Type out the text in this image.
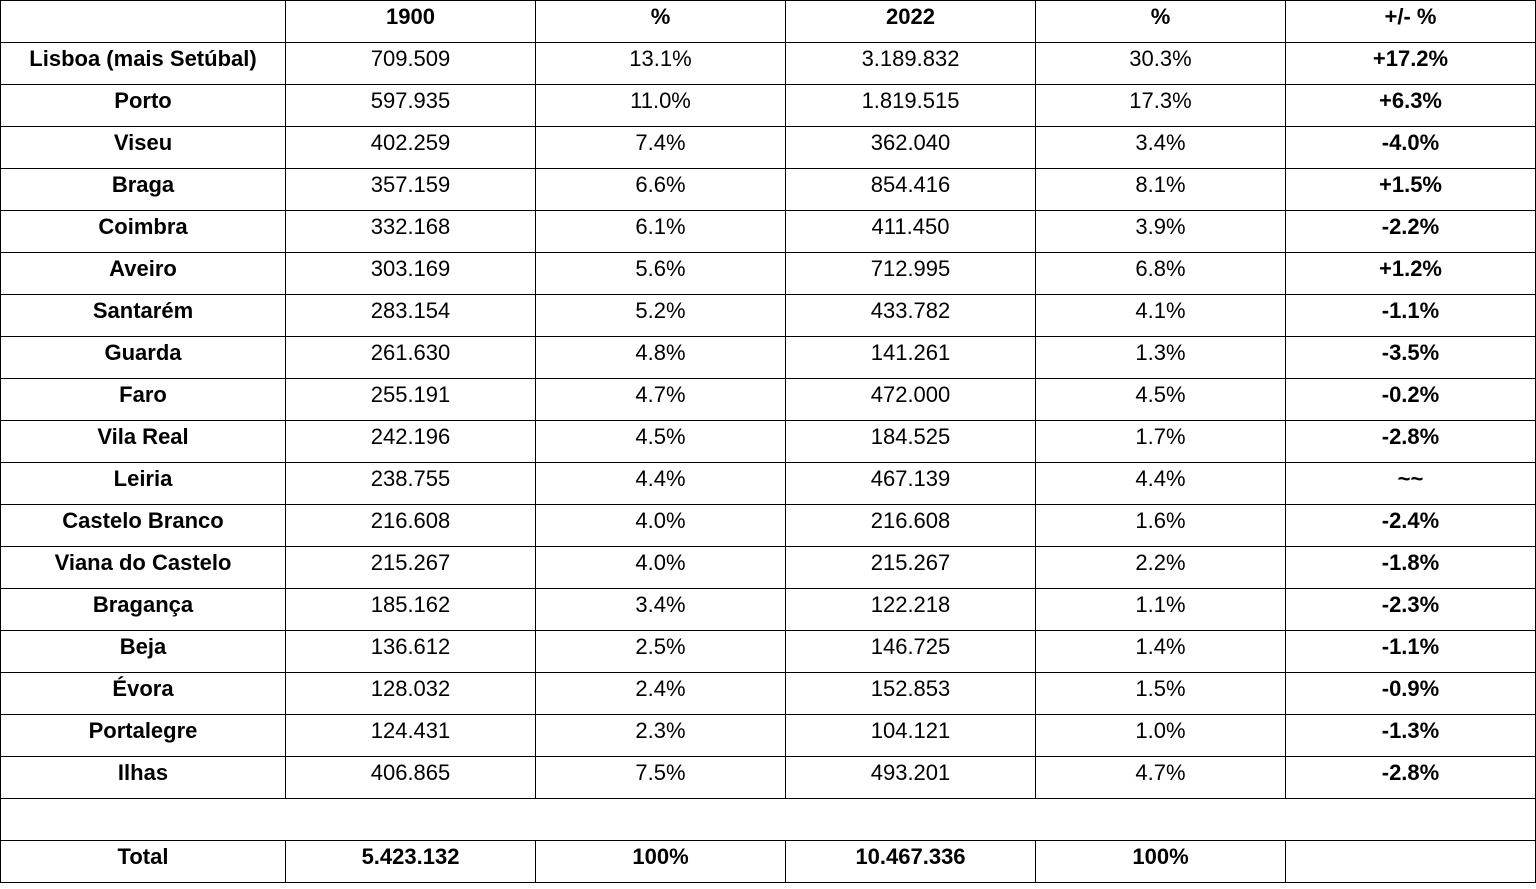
	1900	%	2022	%	+/- %
Lisboa (mais Setúbal)	709.509	13.1%	3.189.832	30.3%	+17.2%
Porto	597.935	11.0%	1.819.515	17.3%	+6.3%
Viseu	402.259	7.4%	362.040	3.4%	-4.0%
Braga	357.159	6.6%	854.416	8.1%	+1.5%
Coimbra	332.168	6.1%	411.450	3.9%	-2.2%
Aveiro	303.169	5.6%	712.995	6.8%	+1.2%
Santarém	283.154	5.2%	433.782	4.1%	-1.1%
Guarda	261.630	4.8%	141.261	1.3%	-3.5%
Faro	255.191	4.7%	472.000	4.5%	-0.2%
Vila Real	242.196	4.5%	184.525	1.7%	-2.8%
Leiria	238.755	4.4%	467.139	4.4%	~~
Castelo Branco	216.608	4.0%	216.608	1.6%	-2.4%
Viana do Castelo	215.267	4.0%	215.267	2.2%	-1.8%
Bragança	185.162	3.4%	122.218	1.1%	-2.3%
Beja	136.612	2.5%	146.725	1.4%	-1.1%
Évora	128.032	2.4%	152.853	1.5%	-0.9%
Portalegre	124.431	2.3%	104.121	1.0%	-1.3%
Ilhas	406.865	7.5%	493.201	4.7%	-2.8%

Total	5.423.132	100%	10.467.336	100%	
